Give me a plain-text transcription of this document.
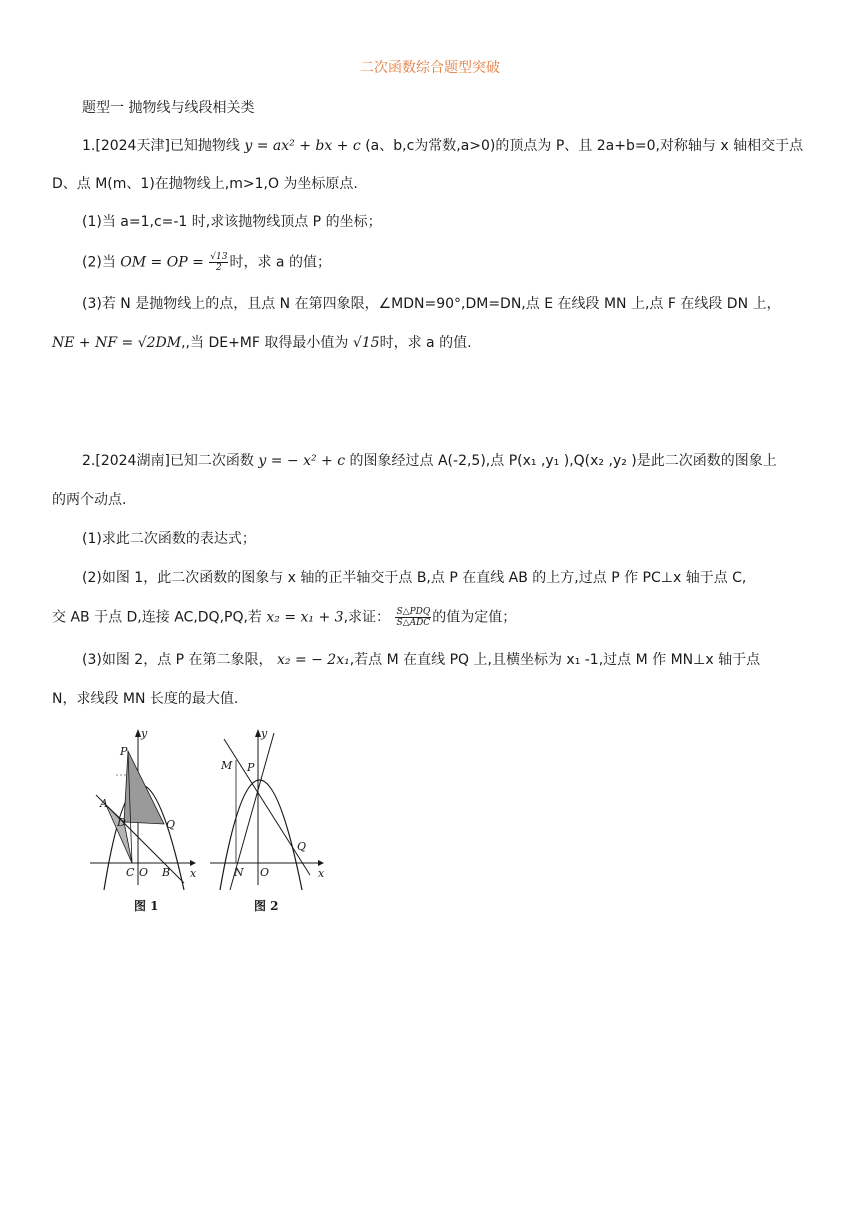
二次函数综合题型突破
题型一 抛物线与线段相关类
1.[2024天津]已知抛物线 y = ax² + bx + c (a、b,c为常数,a>0)的顶点为 P、且 2a+b=0,对称轴与 x 轴相交于点
D、点 M(m、1)在抛物线上,m>1,O 为坐标原点.
(1)当 a=1,c=-1 时,求该抛物线顶点 P 的坐标；
(2)当 OM = OP = $\frac{√13}{2}$ 时，求 a 的值；
(3)若 N 是抛物线上的点，且点 N 在第四象限，∠MDN=90°,DM=DN,点 E 在线段 MN 上,点 F 在线段 DN 上，
NE + NF = √2DM,,当 DE+MF 取得最小值为 √15时，求 a 的值.
2.[2024湖南]已知二次函数 y = − x² + c 的图象经过点 A(-2,5),点 P(x₁ ,y₁ ),Q(x₂ ,y₂ )是此二次函数的图象上
的两个动点.
(1)求此二次函数的表达式；
(2)如图 1，此二次函数的图象与 x 轴的正半轴交于点 B,点 P 在直线 AB 的上方,过点 P 作 PC⊥x 轴于点 C,
交 AB 于点 D,连接 AC,DQ,PQ,若 x₂ = x₁ + 3,求证： $\frac{\text{S△PDQ}}{\text{S△ADC}}$ 的值为定值；
(3)如图 2，点 P 在第二象限， x₂ = − 2x₁,若点 M 在直线 PQ 上,且横坐标为 x₁ -1,过点 M 作 MN⊥x 轴于点
N，求线段 MN 长度的最大值.
y
x
P
A
D	Q
C O B
图 1
y
x
M P
Q
N O
图 2
